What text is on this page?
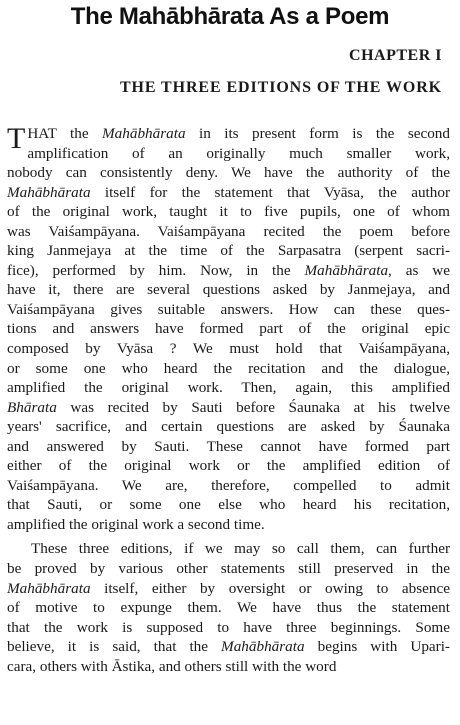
The Mahābhārata As a Poem
CHAPTER I
THE THREE EDITIONS OF THE WORK

T HAT the Mahābhārata in its present form is the second
amplification of an originally much smaller work,
nobody can consistently deny. We have the authority of the
Mahābhārata itself for the statement that Vyāsa, the author
of the original work, taught it to five pupils, one of whom
was Vaiśampāyana. Vaiśampāyana recited the poem before
king Janmejaya at the time of the Sarpasatra (serpent sacri-
fice), performed by him. Now, in the Mahābhārata, as we
have it, there are several questions asked by Janmejaya, and
Vaiśampāyana gives suitable answers. How can these ques-
tions and answers have formed part of the original epic
composed by Vyāsa ? We must hold that Vaiśampāyana,
or some one who heard the recitation and the dialogue,
amplified the original work. Then, again, this amplified
Bhārata was recited by Sauti before Śaunaka at his twelve
years' sacrifice, and certain questions are asked by Śaunaka
and answered by Sauti. These cannot have formed part
either of the original work or the amplified edition of
Vaiśampāyana. We are, therefore, compelled to admit
that Sauti, or some one else who heard his recitation,
amplified the original work a second time.

These three editions, if we may so call them, can further
be proved by various other statements still preserved in the
Mahābhārata itself, either by oversight or owing to absence
of motive to expunge them. We have thus the statement
that the work is supposed to have three beginnings. Some
believe, it is said, that the Mahābhārata begins with Upari-
cara, others with Āstika, and others still with the word
